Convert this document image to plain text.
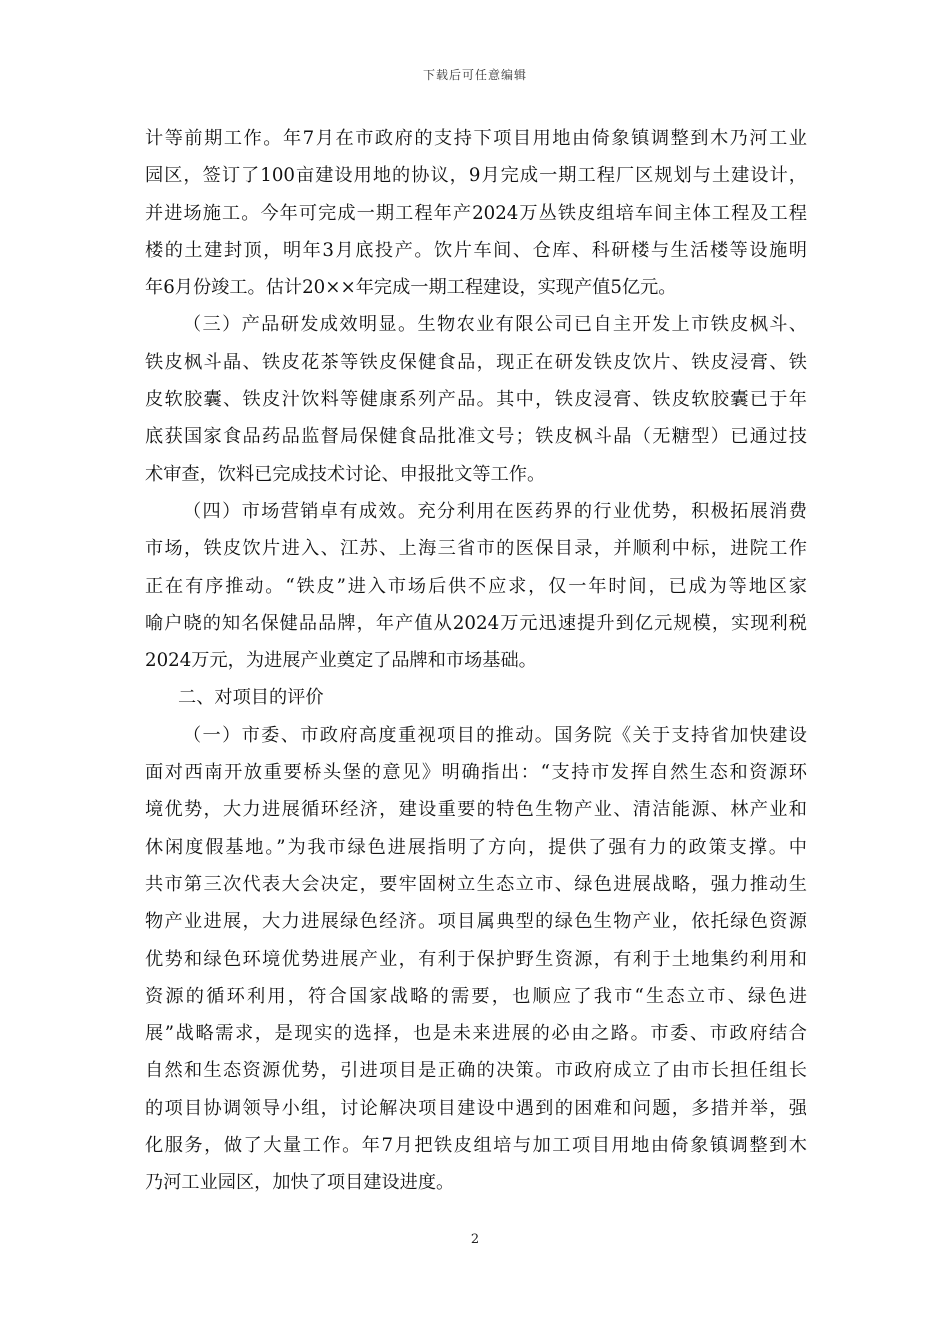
下载后可任意编辑
计等前期工作。年7月在市政府的支持下项目用地由倚象镇调整到木乃河工业
园区，签订了100亩建设用地的协议，9月完成一期工程厂区规划与土建设计，
并进场施工。今年可完成一期工程年产2024万丛铁皮组培车间主体工程及工程
楼的土建封顶，明年3月底投产。饮片车间、仓库、科研楼与生活楼等设施明
年6月份竣工。估计20××年完成一期工程建设，实现产值5亿元。
（三）产品研发成效明显。生物农业有限公司已自主开发上市铁皮枫斗、
铁皮枫斗晶、铁皮花茶等铁皮保健食品，现正在研发铁皮饮片、铁皮浸膏、铁
皮软胶囊、铁皮汁饮料等健康系列产品。其中，铁皮浸膏、铁皮软胶囊已于年
底获国家食品药品监督局保健食品批准文号；铁皮枫斗晶（无糖型）已通过技
术审查，饮料已完成技术讨论、申报批文等工作。
（四）市场营销卓有成效。充分利用在医药界的行业优势，积极拓展消费
市场，铁皮饮片进入、江苏、上海三省市的医保目录，并顺利中标，进院工作
正在有序推动。“铁皮”进入市场后供不应求，仅一年时间，已成为等地区家
喻户晓的知名保健品品牌，年产值从2024万元迅速提升到亿元规模，实现利税
2024万元，为进展产业奠定了品牌和市场基础。
二、对项目的评价
（一）市委、市政府高度重视项目的推动。国务院《关于支持省加快建设
面对西南开放重要桥头堡的意见》明确指出：“支持市发挥自然生态和资源环
境优势，大力进展循环经济，建设重要的特色生物产业、清洁能源、林产业和
休闲度假基地。”为我市绿色进展指明了方向，提供了强有力的政策支撑。中
共市第三次代表大会决定，要牢固树立生态立市、绿色进展战略，强力推动生
物产业进展，大力进展绿色经济。项目属典型的绿色生物产业，依托绿色资源
优势和绿色环境优势进展产业，有利于保护野生资源，有利于土地集约利用和
资源的循环利用，符合国家战略的需要，也顺应了我市“生态立市、绿色进
展”战略需求，是现实的选择，也是未来进展的必由之路。市委、市政府结合
自然和生态资源优势，引进项目是正确的决策。市政府成立了由市长担任组长
的项目协调领导小组，讨论解决项目建设中遇到的困难和问题，多措并举，强
化服务，做了大量工作。年7月把铁皮组培与加工项目用地由倚象镇调整到木
乃河工业园区，加快了项目建设进度。
2
